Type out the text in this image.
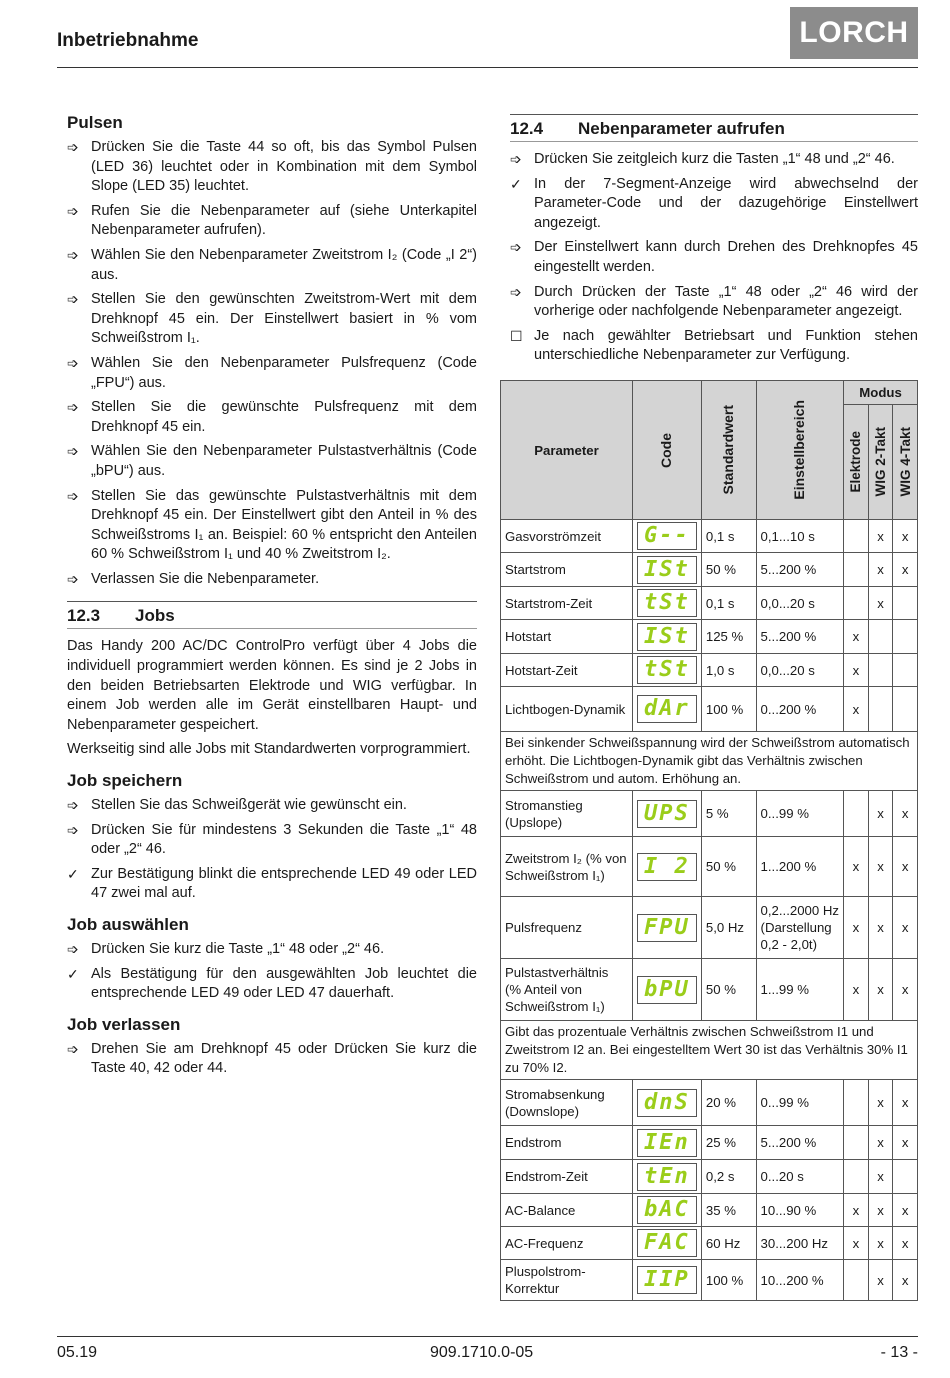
Inbetriebnahme	LORCH
Pulsen
➩ Drücken Sie die Taste 44 so oft, bis das Symbol Pulsen (LED 36) leuchtet oder in Kombination mit dem Symbol Slope (LED 35) leuchtet.
➩ Rufen Sie die Nebenparameter auf (siehe Unterkapitel Nebenparameter aufrufen).
➩ Wählen Sie den Nebenparameter Zweitstrom I₂ (Code „I 2“) aus.
➩ Stellen Sie den gewünschten Zweitstrom-Wert mit dem Drehknopf 45 ein. Der Einstellwert basiert in % vom Schweißstrom I₁.
➩ Wählen Sie den Nebenparameter Pulsfrequenz (Code „FPU“) aus.
➩ Stellen Sie die gewünschte Pulsfrequenz mit dem Drehknopf 45 ein.
➩ Wählen Sie den Nebenparameter Pulstastverhältnis (Code „bPU“) aus.
➩ Stellen Sie das gewünschte Pulstastverhältnis mit dem Drehknopf 45 ein. Der Einstellwert gibt den Anteil in % des Schweißstroms I₁ an. Beispiel: 60 % entspricht den Anteilen 60 % Schweißstrom I₁ und 40 % Zweitstrom I₂.
➩ Verlassen Sie die Nebenparameter.
12.3	Jobs

Das Handy 200 AC/DC ControlPro verfügt über 4 Jobs die individuell programmiert werden können. Es sind je 2 Jobs in den beiden Betriebsarten Elektrode und WIG verfügbar. In einem Job werden alle im Gerät einstellbaren Haupt- und Nebenparameter gespeichert.

Werkseitig sind alle Jobs mit Standardwerten vorprogrammiert.

Job speichern
➩ Stellen Sie das Schweißgerät wie gewünscht ein.
➩ Drücken Sie für mindestens 3 Sekunden die Taste „1“ 48 oder „2“ 46.
✓ Zur Bestätigung blinkt die entsprechende LED 49 oder LED 47 zwei mal auf.
Job auswählen
➩ Drücken Sie kurz die Taste „1“ 48 oder „2“ 46.
✓ Als Bestätigung für den ausgewählten Job leuchtet die entsprechende LED 49 oder LED 47 dauerhaft.
Job verlassen
➩ Drehen Sie am Drehknopf 45 oder Drücken Sie kurz die Taste 40, 42 oder 44.
12.4	Nebenparameter aufrufen
➩ Drücken Sie zeitgleich kurz die Tasten „1“ 48 und „2“ 46.
✓ In der 7-Segment-Anzeige wird abwechselnd der Parameter-Code und der dazugehörige Einstellwert angezeigt.
➩ Der Einstellwert kann durch Drehen des Drehknopfes 45 eingestellt werden.
➩ Durch Drücken der Taste „1“ 48 oder „2“ 46 wird der vorherige oder nachfolgende Nebenparameter angezeigt.
☐ Je nach gewählter Betriebsart und Funktion stehen unterschiedliche Nebenparameter zur Verfügung.
Parameter	Code	Standardwert	Einstellbereich	Modus		

				Elektrode	WIG 2-Takt	WIG 4-Takt

Gasvorströmzeit	G--	0,1 s	0,1...10 s		x	x
Startstrom	ISt	50 %	5...200 %		x	x
Startstrom-Zeit	tSt	0,1 s	0,0...20 s		x	
Hotstart	ISt	125 %	5...200 %	x		
Hotstart-Zeit	tSt	1,0 s	0,0...20 s	x		
Lichtbogen-Dynamik	dAr	100 %	0...200 %	x		
Bei sinkender Schweißspannung wird der Schweißstrom automatisch erhöht. Die Lichtbogen-Dynamik gibt das Verhältnis zwischen Schweißstrom und autom. Erhöhung an.						
Stromanstieg (Upslope)	UPS	5 %	0...99 %		x	x
Zweitstrom I₂ (% von Schweißstrom I₁)	I 2	50 %	1...200 %	x	x	x
Pulsfrequenz	FPU	5,0 Hz	0,2...2000 Hz (Darstellung 0,2 - 2,0t)	x	x	x
Pulstastverhältnis (% Anteil von Schweißstrom I₁)	bPU	50 %	1...99 %	x	x	x
Gibt das prozentuale Verhältnis zwischen Schweißstrom I1 und Zweitstrom I2 an. Bei eingestelltem Wert 30 ist das Verhältnis 30% I1 zu 70% I2.						
Stromabsenkung (Downslope)	dnS	20 %	0...99 %		x	x
Endstrom	IEn	25 %	5...200 %		x	x
Endstrom-Zeit	tEn	0,2 s	0...20 s		x	
AC-Balance	bAC	35 %	10...90 %	x	x	x
AC-Frequenz	FAC	60 Hz	30...200 Hz	x	x	x
Pluspolstrom-Korrektur	IIP	100 %	10...200 %		x	x
05.19	909.1710.0-05	- 13 -
